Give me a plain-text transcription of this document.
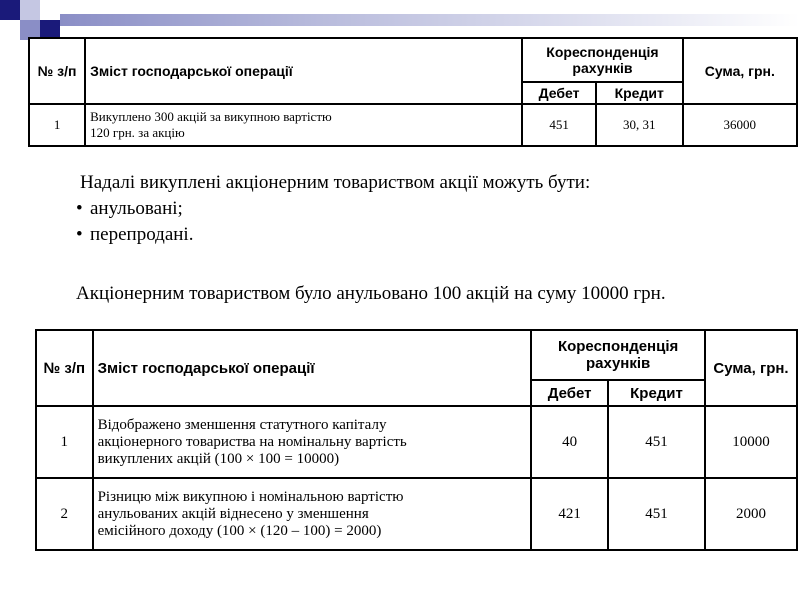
№ з/п	Зміст господарської операції	Кореспонденція рахунків		Сума, грн.
		Дебет	Кредит	
1	Викуплено 300 акцій за викупною вартістю
120 грн. за акцію	451	30, 31	36000
Надалі викуплені акціонерним товариством акції можуть бути:
• анульовані;
• перепродані.
Акціонерним товариством було анульовано 100 акцій на суму 10000 грн.
№ з/п	Зміст господарської операції	Кореспонденція рахунків		Сума, грн.
		Дебет	Кредит	
1	Відображено зменшення статутного капіталу
акціонерного товариства на номінальну вартість
викуплених акцій (100 × 100 = 10000)	40	451	10000
2	Різницю між викупною і номінальною вартістю
анульованих акцій віднесено у зменшення
емісійного доходу (100 × (120 – 100) = 2000)	421	451	2000
